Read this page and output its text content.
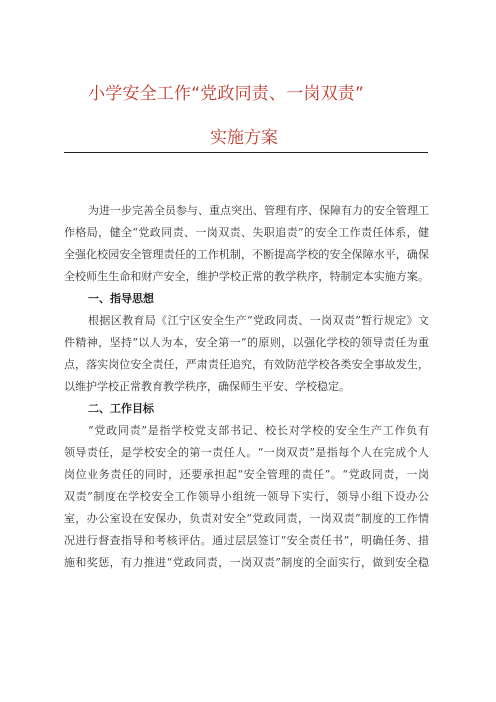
小学安全工作“党政同责、一岗双责”
实施方案
为进一步完善全员参与、重点突出、管理有序、保障有力的安全管理工
作格局，健全“党政同责、一岗双责、失职追责”的安全工作责任体系，健
全强化校园安全管理责任的工作机制，不断提高学校的安全保障水平，确保
全校师生生命和财产安全，维护学校正常的教学秩序，特制定本实施方案。
一、指导思想
根据区教育局《江宁区安全生产“党政同责、一岗双责”暂行规定》文
件精神，坚持“以人为本，安全第一”的原则，以强化学校的领导责任为重
点，落实岗位安全责任，严肃责任追究，有效防范学校各类安全事故发生，
以维护学校正常教育教学秩序，确保师生平安、学校稳定。
二、工作目标
“党政同责”是指学校党支部书记、校长对学校的安全生产工作负有
领导责任，是学校安全的第一责任人。“一岗双责”是指每个人在完成个人
岗位业务责任的同时，还要承担起“安全管理的责任”。“党政同责，一岗
双责”制度在学校安全工作领导小组统一领导下实行，领导小组下设办公
室，办公室设在安保办，负责对安全“党政同责，一岗双责”制度的工作情
况进行督查指导和考核评估。通过层层签订“安全责任书”，明确任务、措
施和奖惩，有力推进“党政同责，一岗双责”制度的全面实行，做到安全稳
